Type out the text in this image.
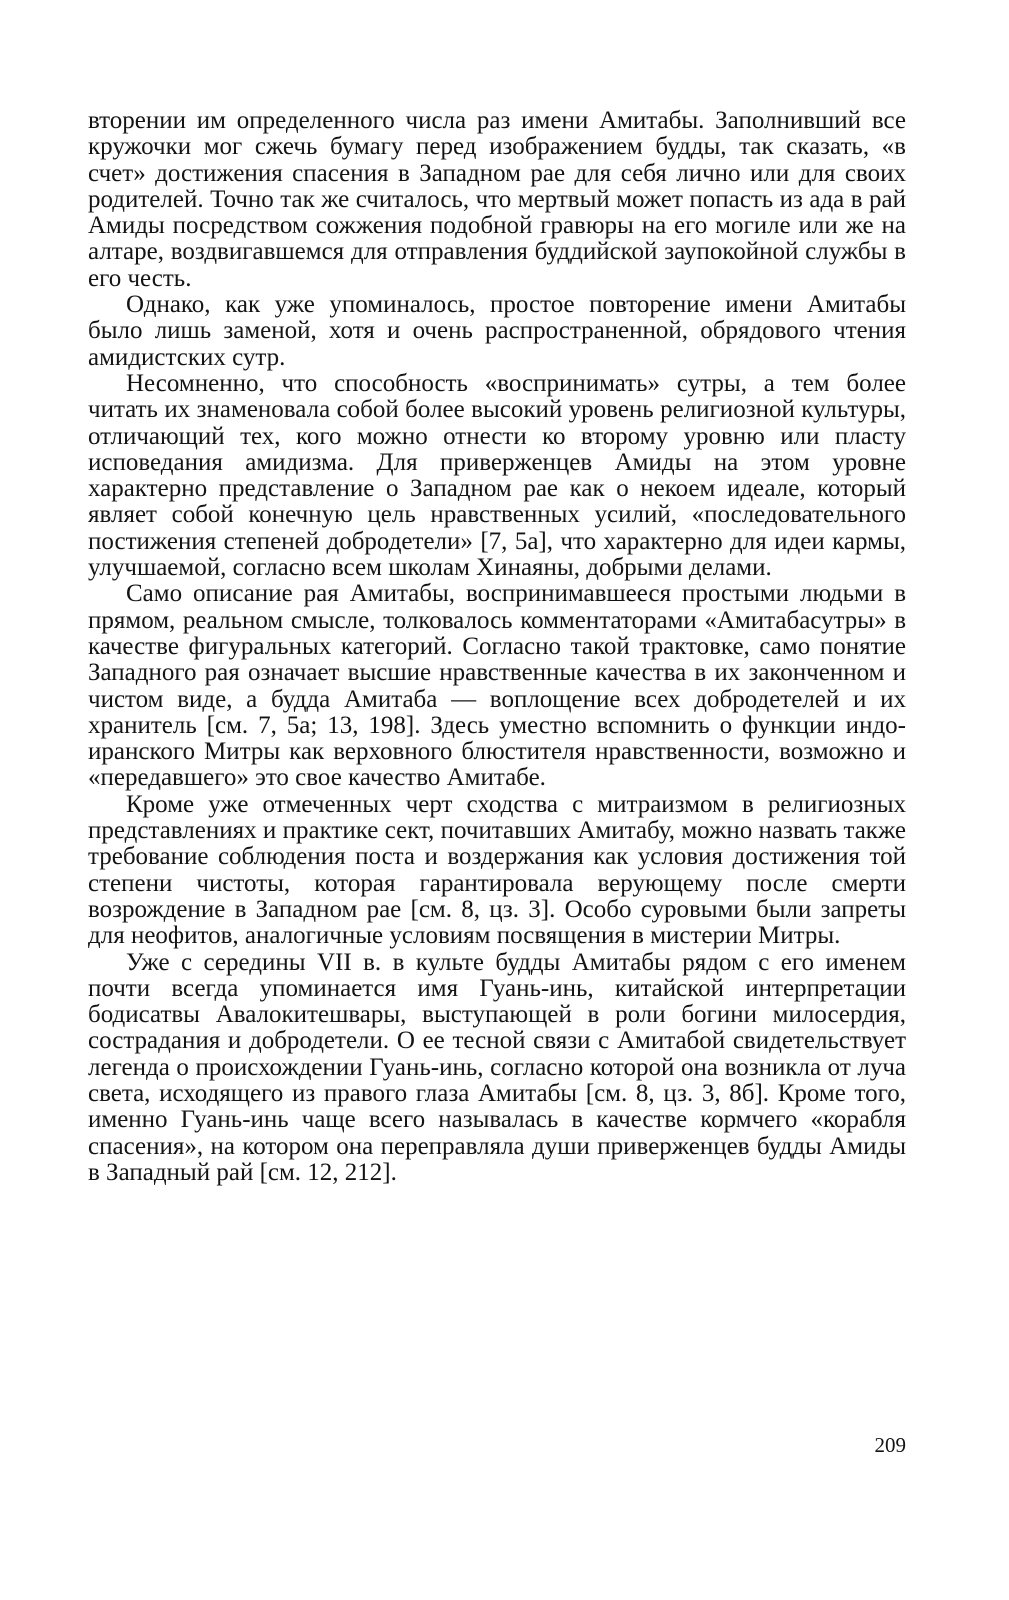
вторении им определенного числа раз имени Амитабы. Заполнивший все кружочки мог сжечь бумагу перед изображением будды, так сказать, «в счет» достижения спасения в Западном рае для себя лично или для своих родителей. Точно так же считалось, что мертвый может попасть из ада в рай Амиды посредством сожжения подобной гравюры на его могиле или же на алтаре, воздвигавшемся для отправления буддийской заупокойной службы в его честь.

Однако, как уже упоминалось, простое повторение имени Амитабы было лишь заменой, хотя и очень распространенной, обрядового чтения амидистских сутр.

Несомненно, что способность «воспринимать» сутры, а тем более читать их знаменовала собой более высокий уровень религиозной культуры, отличающий тех, кого можно отнести ко второму уровню или пласту исповедания амидизма. Для приверженцев Амиды на этом уровне характерно представление о Западном рае как о некоем идеале, который являет собой конечную цель нравственных усилий, «последовательного постижения степеней добродетели» [7, 5а], что характерно для идеи кармы, улучшаемой, согласно всем школам Хинаяны, добрыми делами.

Само описание рая Амитабы, воспринимавшееся простыми людьми в прямом, реальном смысле, толковалось комментаторами «Амитабасутры» в качестве фигуральных категорий. Согласно такой трактовке, само понятие Западного рая означает высшие нравственные качества в их законченном и чистом виде, а будда Амитаба — воплощение всех добродетелей и их хранитель [см. 7, 5а; 13, 198]. Здесь уместно вспомнить о функции индо-иранского Митры как верховного блюстителя нравственности, возможно и «передавшего» это свое качество Амитабе.

Кроме уже отмеченных черт сходства с митраизмом в религиозных представлениях и практике сект, почитавших Амитабу, можно назвать также требование соблюдения поста и воздержания как условия достижения той степени чистоты, которая гарантировала верующему после смерти возрождение в Западном рае [см. 8, цз. 3]. Особо суровыми были запреты для неофитов, аналогичные условиям посвящения в мистерии Митры.

Уже с середины VII в. в культе будды Амитабы рядом с его именем почти всегда упоминается имя Гуань-инь, китайской интерпретации бодисатвы Авалокитешвары, выступающей в роли богини милосердия, сострадания и добродетели. О ее тесной связи с Амитабой свидетельствует легенда о происхождении Гуань-инь, согласно которой она возникла от луча света, исходящего из правого глаза Амитабы [см. 8, цз. 3, 8б]. Кроме того, именно Гуань-инь чаще всего называлась в качестве кормчего «корабля спасения», на котором она переправляла души приверженцев будды Амиды в Западный рай [см. 12, 212].

209
